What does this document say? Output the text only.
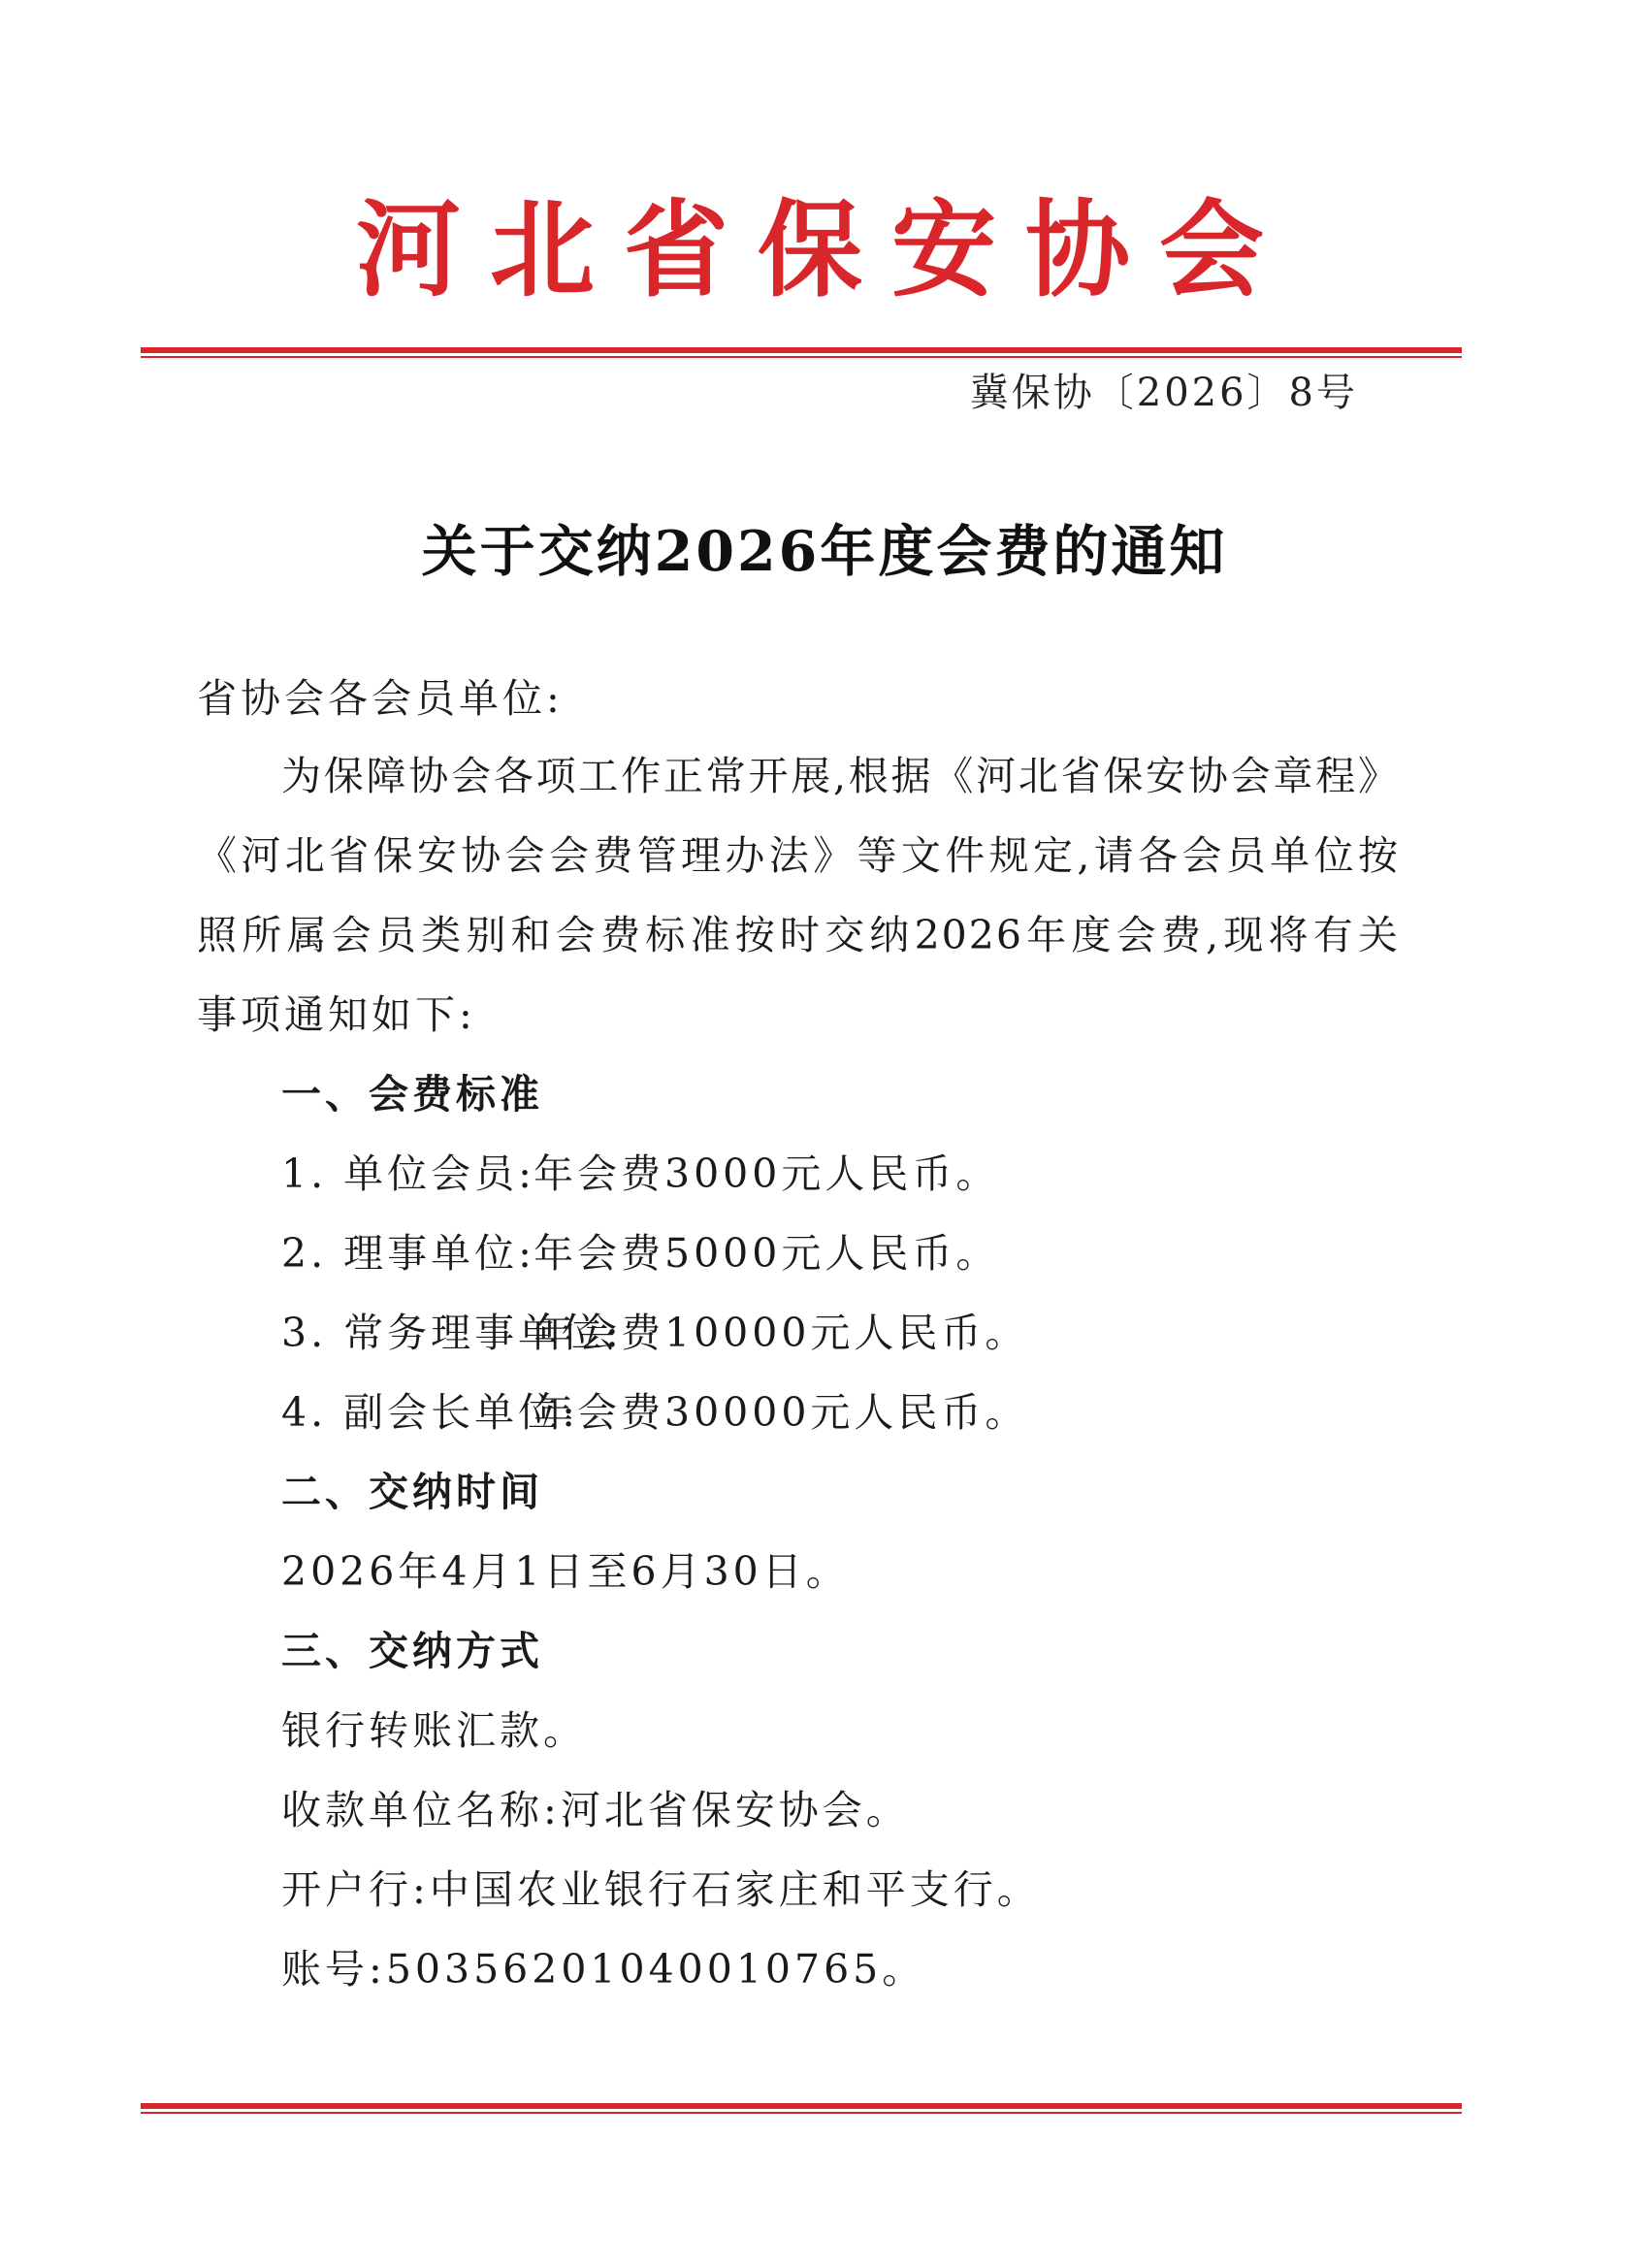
河北省保安协会
冀保协〔2026〕8号
关于交纳2026年度会费的通知
省协会各会员单位:
为保障协会各项工作正常开展,根据《河北省保安协会章程》
《河北省保安协会会费管理办法》等文件规定,请各会员单位按
照所属会员类别和会费标准按时交纳2026年度会费,现将有关
事项通知如下:
一、会费标准
1. 单位会员:年会费3000元人民币。
2. 理事单位:年会费5000元人民币。
3. 常务理事单位:年会费10000元人民币。
4. 副会长单位:年会费30000元人民币。
二、交纳时间
2026年4月1日至6月30日。
三、交纳方式
银行转账汇款。
收款单位名称:河北省保安协会。
开户行:中国农业银行石家庄和平支行。
账号:50356201040010765。
